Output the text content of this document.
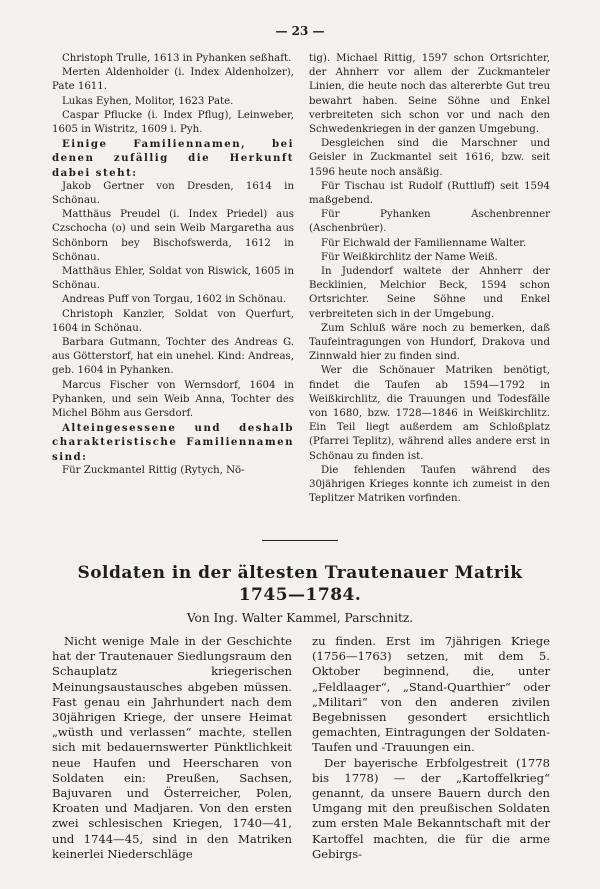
— 23 —

Christoph Trulle, 1613 in Pyhanken seßhaft.

Merten Aldenholder (i. Index Aldenholzer), Pate 1611.

Lukas Eyhen, Molitor, 1623 Pate.

Caspar Pflucke (i. Index Pflug), Leinweber, 1605 in Wistritz, 1609 i. Pyh.

Einige Familiennamen, bei denen zufällig die Herkunft dabei steht:

Jakob Gertner von Dresden, 1614 in Schönau.

Matthäus Preudel (i. Index Priedel) aus Czschocha (o) und sein Weib Margaretha aus Schönborn bey Bischofswerda, 1612 in Schönau.

Matthäus Ehler, Soldat von Riswick, 1605 in Schönau.

Andreas Puff von Torgau, 1602 in Schönau.

Christoph Kanzler, Soldat von Querfurt, 1604 in Schönau.

Barbara Gutmann, Tochter des Andreas G. aus Götterstorf, hat ein unehel. Kind: Andreas, geb. 1604 in Pyhanken.

Marcus Fischer von Wernsdorf, 1604 in Pyhanken, und sein Weib Anna, Tochter des Michel Böhm aus Gersdorf.

Alteingesessene und deshalb charakteristische Familiennamen sind:

Für Zuckmantel Rittig (Rytych, Nö-

tig). Michael Rittig, 1597 schon Ortsrichter, der Ahnherr vor allem der Zuckmanteler Linien, die heute noch das altererbte Gut treu bewahrt haben. Seine Söhne und Enkel verbreiteten sich schon vor und nach den Schwedenkriegen in der ganzen Umgebung.

Desgleichen sind die Marschner und Geisler in Zuckmantel seit 1616, bzw. seit 1596 heute noch ansäßig.

Für Tischau ist Rudolf (Ruttluff) seit 1594 maßgebend.

Für Pyhanken Aschenbrenner (Aschenbrüer).

Für Eichwald der Familienname Walter.

Für Weißkirchlitz der Name Weiß.

In Judendorf waltete der Ahnherr der Becklinien, Melchior Beck, 1594 schon Ortsrichter. Seine Söhne und Enkel verbreiteten sich in der Umgebung.

Zum Schluß wäre noch zu bemerken, daß Taufeintragungen von Hundorf, Drakova und Zinnwald hier zu finden sind.

Wer die Schönauer Matriken benötigt, findet die Taufen ab 1594—1792 in Weißkirchlitz, die Trauungen und Todesfälle von 1680, bzw. 1728—1846 in Weißkirchlitz. Ein Teil liegt außerdem am Schloßplatz (Pfarrei Teplitz), während alles andere erst in Schönau zu finden ist.

Die fehlenden Taufen während des 30jährigen Krieges konnte ich zumeist in den Teplitzer Matriken vorfinden.

Soldaten in der ältesten Trautenauer Matrik
1745—1784.
Von Ing. Walter Kammel, Parschnitz.

Nicht wenige Male in der Geschichte hat der Trautenauer Siedlungsraum den Schauplatz kriegerischen Meinungsaustausches abgeben müssen. Fast genau ein Jahrhundert nach dem 30jährigen Kriege, der unsere Heimat „wüsth und verlassen“ machte, stellen sich mit bedauernswerter Pünktlichkeit neue Haufen und Heerscharen von Soldaten ein: Preußen, Sachsen, Bajuvaren und Österreicher, Polen, Kroaten und Madjaren. Von den ersten zwei schlesischen Kriegen, 1740—41, und 1744—45, sind in den Matriken keinerlei Niederschläge

zu finden. Erst im 7jährigen Kriege (1756—1763) setzen, mit dem 5. Oktober beginnend, die, unter „Feldlaager“, „Stand-Quarthier“ oder „Militari“ von den anderen zivilen Begebnissen gesondert ersichtlich gemachten, Eintragungen der Soldaten-Taufen und -Trauungen ein.

Der bayerische Erbfolgestreit (1778 bis 1778) — der „Kartoffelkrieg“ genannt, da unsere Bauern durch den Umgang mit den preußischen Soldaten zum ersten Male Bekanntschaft mit der Kartoffel machten, die für die arme Gebirgs-
